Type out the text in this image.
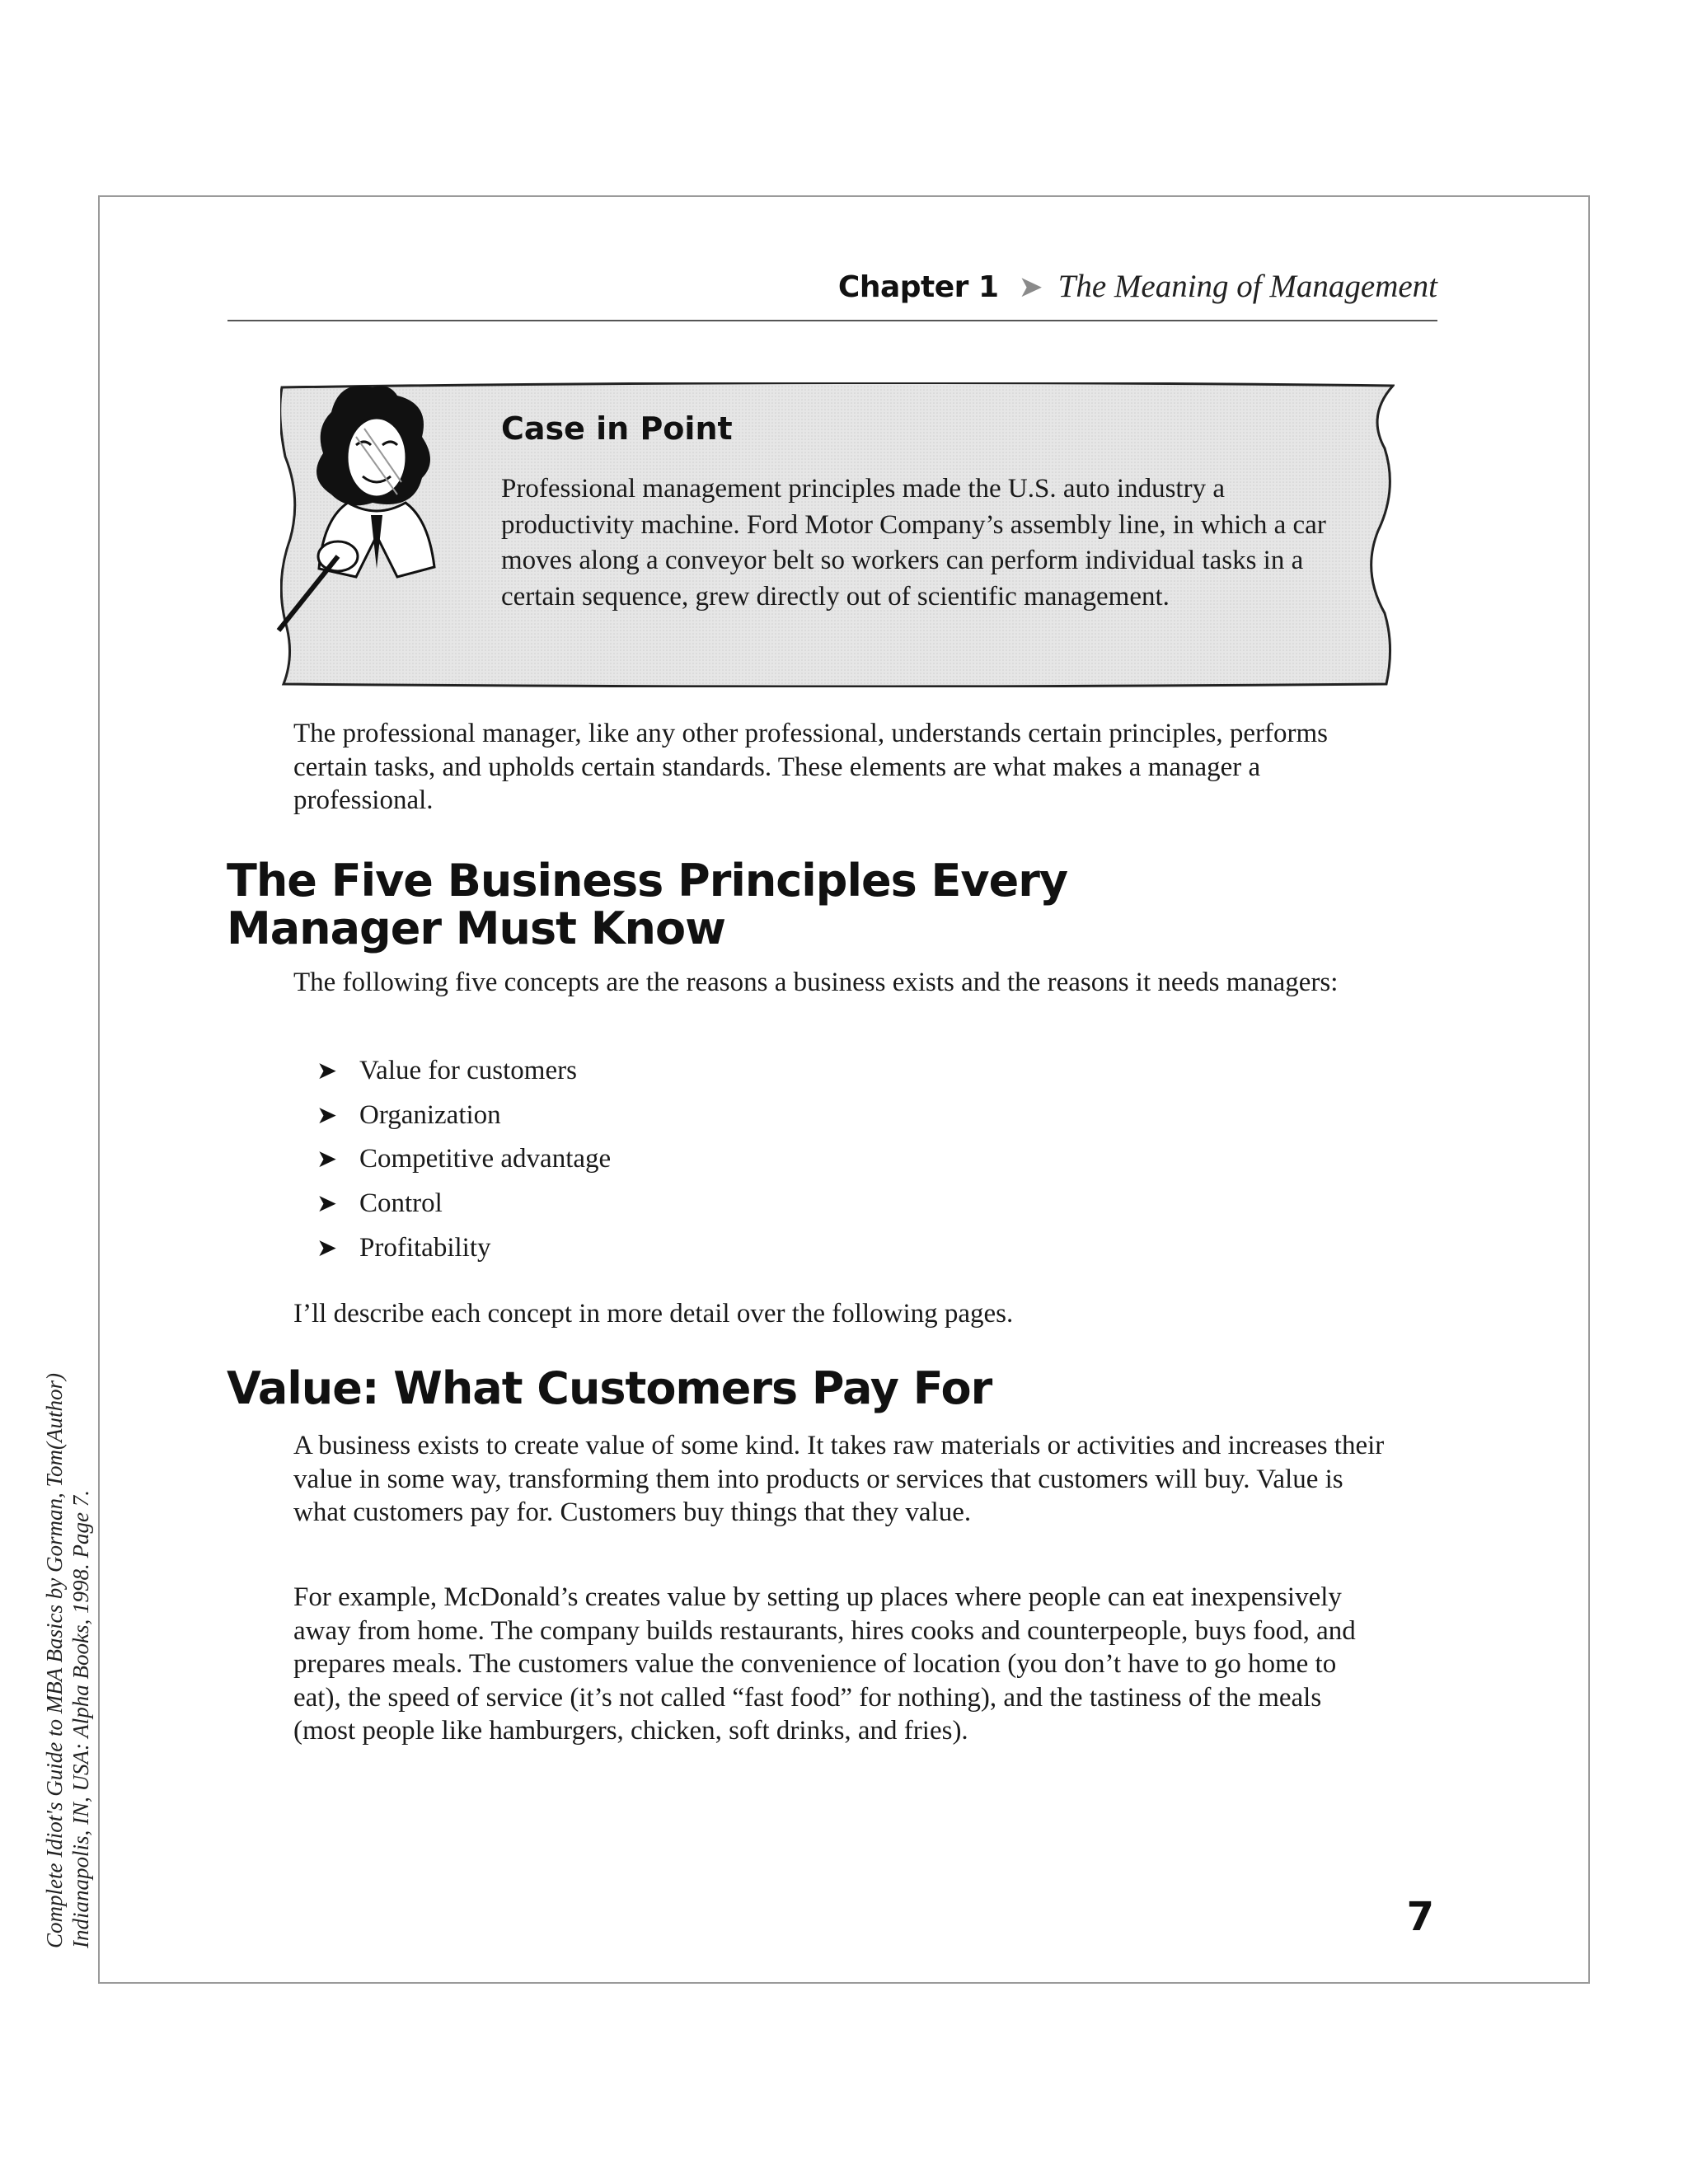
Chapter 1 ➤ The Meaning of Management
Case in Point
Professional management principles made the U.S. auto industry a productivity machine. Ford Motor Company’s assembly line, in which a car moves along a conveyor belt so workers can perform individual tasks in a certain sequence, grew directly out of scientific management.
The professional manager, like any other professional, understands certain principles, performs certain tasks, and upholds certain standards. These elements are what makes a manager a professional.
The Five Business Principles Every Manager Must Know
The following five concepts are the reasons a business exists and the reasons it needs managers:
➤ Value for customers
➤ Organization
➤ Competitive advantage
➤ Control
➤ Profitability
I’ll describe each concept in more detail over the following pages.
Value: What Customers Pay For
A business exists to create value of some kind. It takes raw materials or activities and increases their value in some way, transforming them into products or services that customers will buy. Value is what customers pay for. Customers buy things that they value.
For example, McDonald’s creates value by setting up places where people can eat inexpensively away from home. The company builds restaurants, hires cooks and counterpeople, buys food, and prepares meals. The customers value the convenience of location (you don’t have to go home to eat), the speed of service (it’s not called “fast food” for nothing), and the tastiness of the meals (most people like hamburgers, chicken, soft drinks, and fries).
7
Complete Idiot's Guide to MBA Basics by Gorman, Tom(Author) Indianapolis, IN, USA: Alpha Books, 1998. Page 7.
